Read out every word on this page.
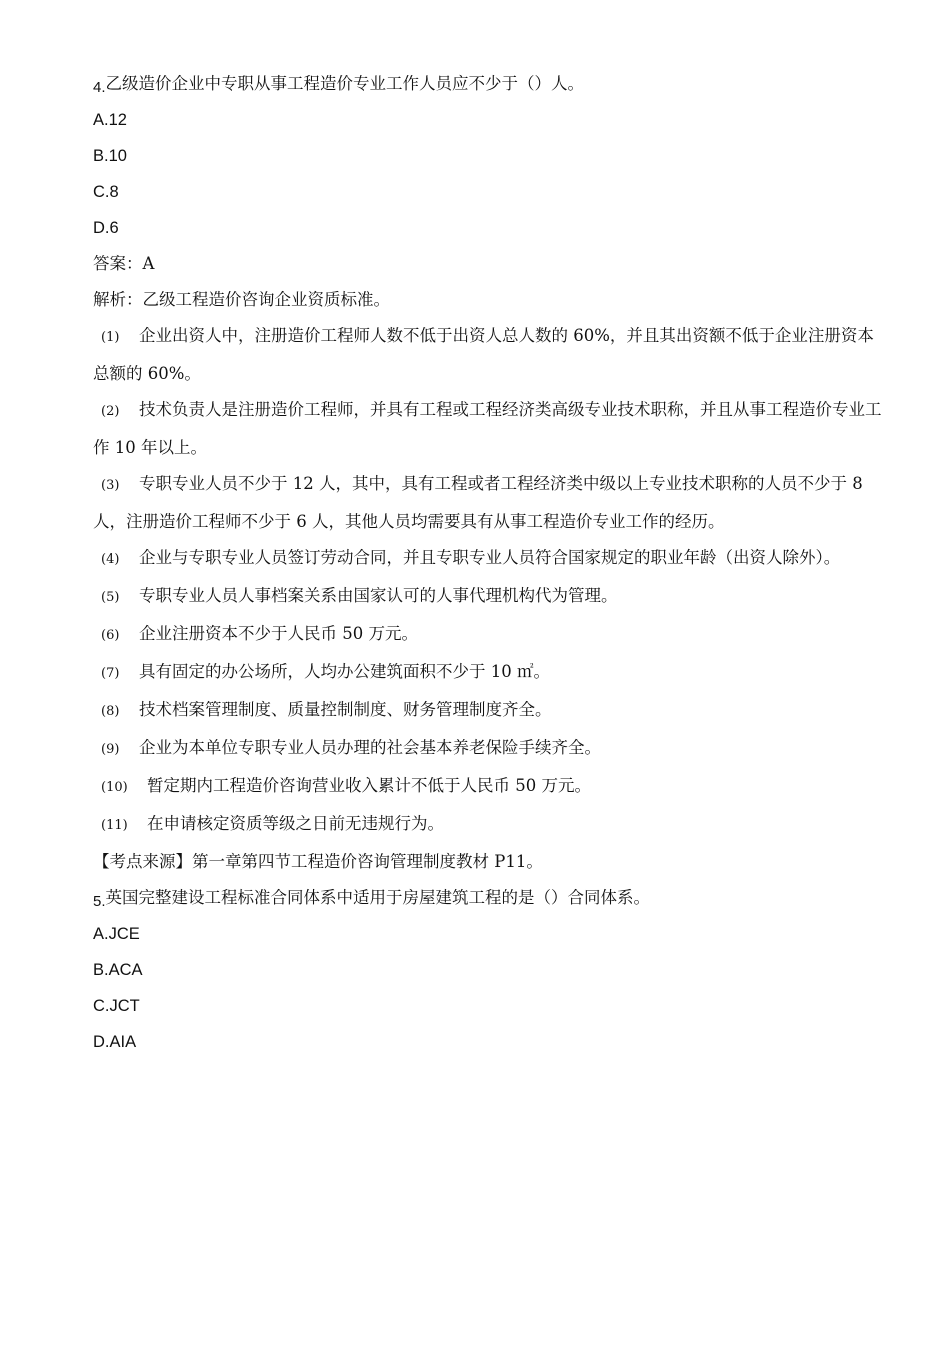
4.乙级造价企业中专职从事工程造价专业工作人员应不少于（）人。
A.12
B.10
C.8
D.6
答案：A
解析：乙级工程造价咨询企业资质标准。
(1) 企业出资人中，注册造价工程师人数不低于出资人总人数的 60%，并且其出资额不低于企业注册资本总额的 60%。
(2) 技术负责人是注册造价工程师，并具有工程或工程经济类高级专业技术职称，并且从事工程造价专业工作 10 年以上。
(3) 专职专业人员不少于 12 人，其中，具有工程或者工程经济类中级以上专业技术职称的人员不少于 8 人，注册造价工程师不少于 6 人，其他人员均需要具有从事工程造价专业工作的经历。
(4) 企业与专职专业人员签订劳动合同，并且专职专业人员符合国家规定的职业年龄（出资人除外）。
(5) 专职专业人员人事档案关系由国家认可的人事代理机构代为管理。
(6) 企业注册资本不少于人民币 50 万元。
(7) 具有固定的办公场所，人均办公建筑面积不少于 10 ㎡。
(8) 技术档案管理制度、质量控制制度、财务管理制度齐全。
(9) 企业为本单位专职专业人员办理的社会基本养老保险手续齐全。
(10) 暂定期内工程造价咨询营业收入累计不低于人民币 50 万元。
(11) 在申请核定资质等级之日前无违规行为。
【考点来源】第一章第四节工程造价咨询管理制度教材 P11。
5.英国完整建设工程标准合同体系中适用于房屋建筑工程的是（）合同体系。
A.JCE
B.ACA
C.JCT
D.AIA
